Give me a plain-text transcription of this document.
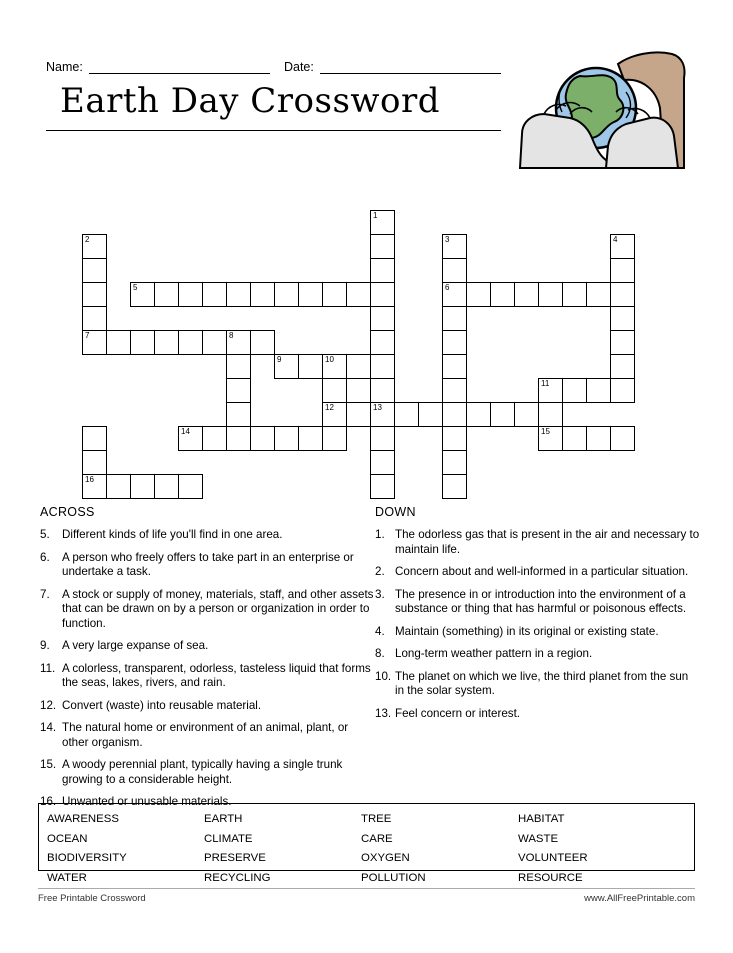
Name:	Date:
Earth Day Crossword
1
2	3	4
5	6
7	8
9	10
11
12	13
14	15
16
ACROSS
5.	Different kinds of life you'll find in one area.
6.	A person who freely offers to take part in an enterprise or undertake a task.
7.	A stock or supply of money, materials, staff, and other assets that can be drawn on by a person or organization in order to function.
9.	A very large expanse of sea.
11. A colorless, transparent, odorless, tasteless liquid that forms the seas, lakes, rivers, and rain.
12. Convert (waste) into reusable material.
14. The natural home or environment of an animal, plant, or other organism.
15. A woody perennial plant, typically having a single trunk growing to a considerable height.
16. Unwanted or unusable materials.
DOWN
1. The odorless gas that is present in the air and necessary to maintain life.
2. Concern about and well-informed in a particular situation.
3. The presence in or introduction into the environment of a substance or thing that has harmful or poisonous effects.
4. Maintain (something) in its original or existing state.
8. Long-term weather pattern in a region.
10. The planet on which we live, the third planet from the sun in the solar system.
13. Feel concern or interest.
AWARENESS	EARTH	TREE	HABITAT
OCEAN	CLIMATE	CARE	WASTE
BIODIVERSITY	PRESERVE	OXYGEN	VOLUNTEER
WATER	RECYCLING	POLLUTION	RESOURCE
Free Printable Crossword	www.AllFreePrintable.com
